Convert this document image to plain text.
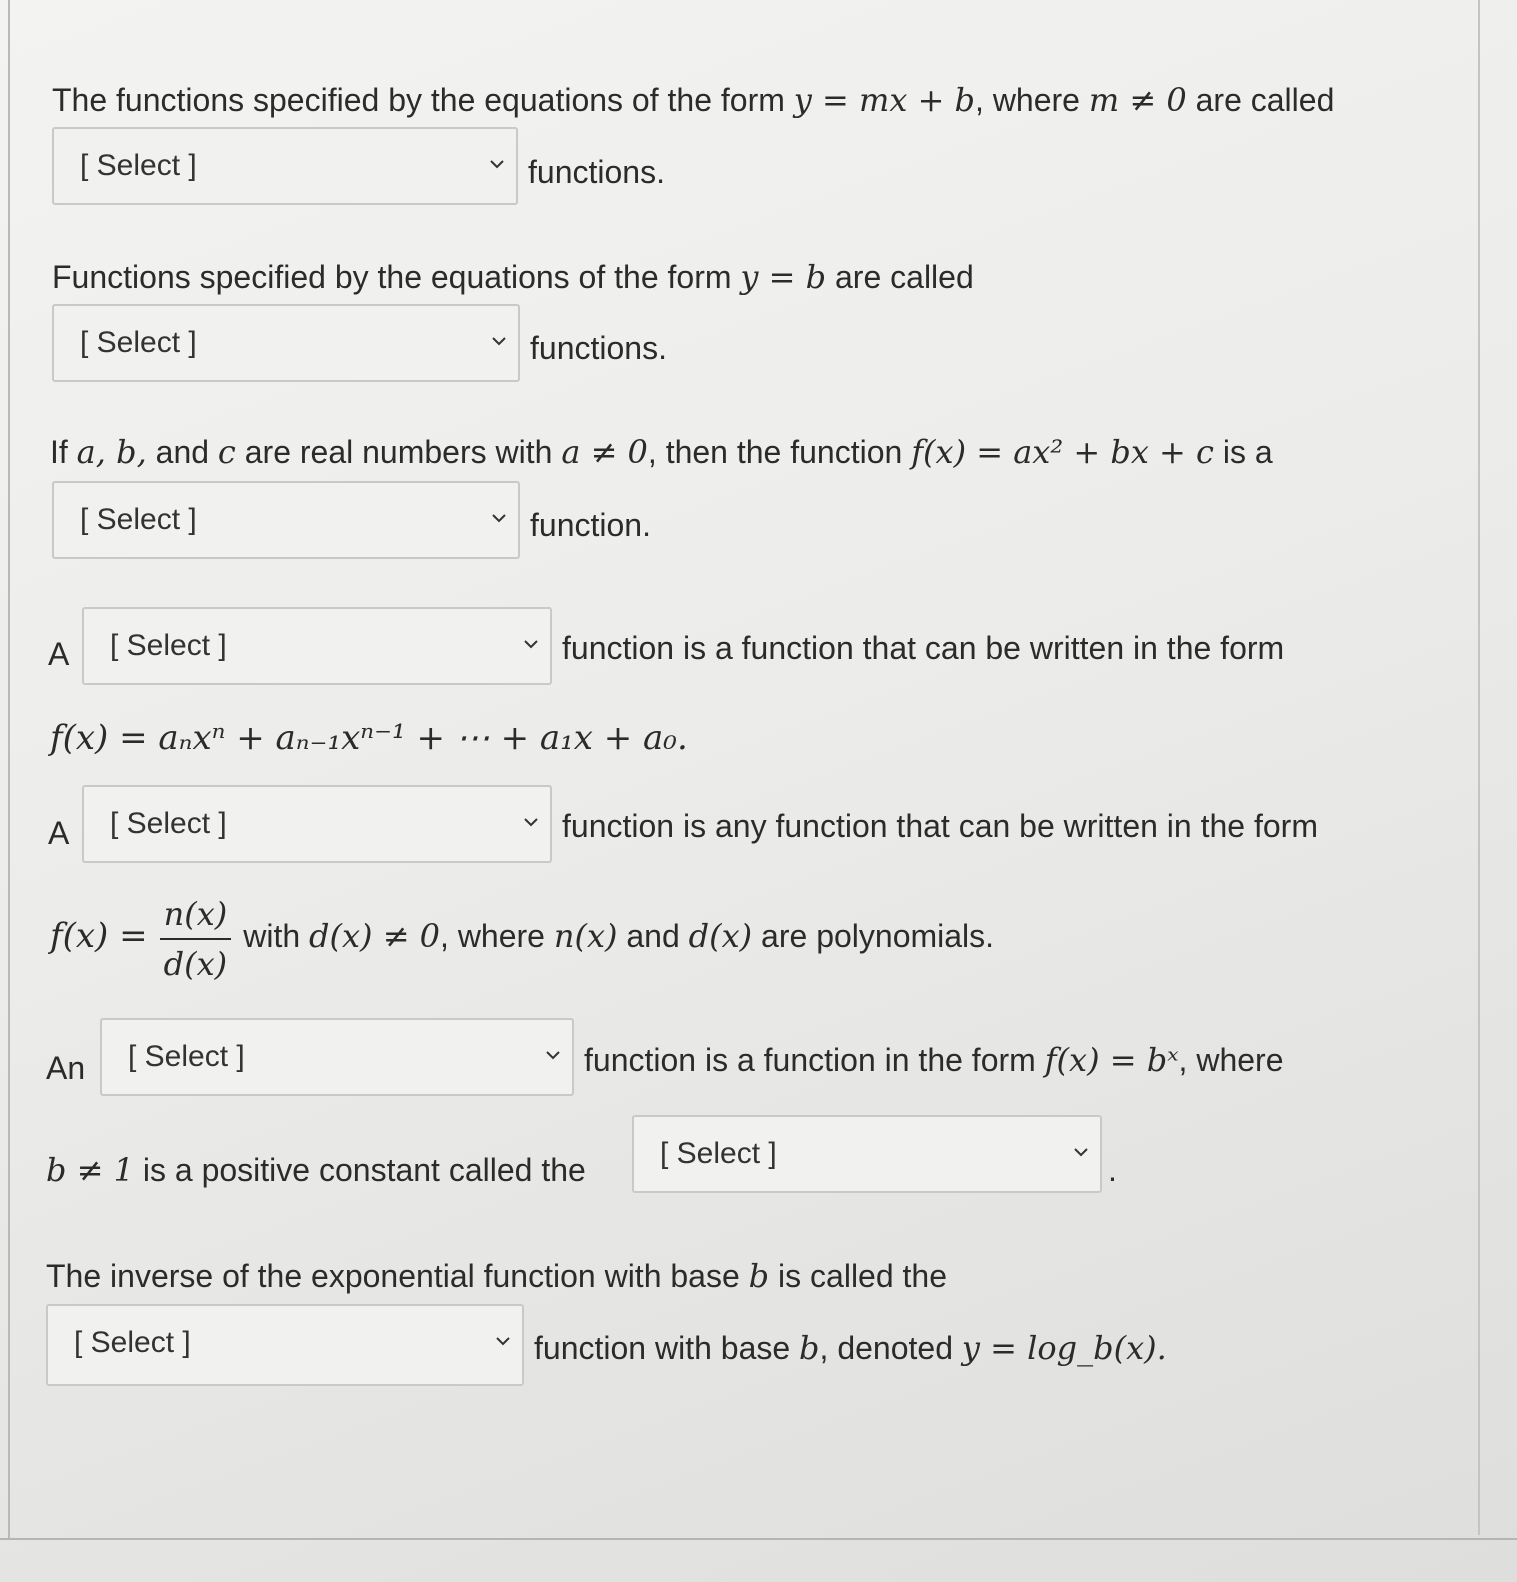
The functions specified by the equations of the form y = mx + b, where m ≠ 0 are called
[ Select ]	functions.
Functions specified by the equations of the form y = b are called
[ Select ]	functions.
If a, b, and c are real numbers with a ≠ 0, then the function f(x) = ax² + bx + c is a
[ Select ]	function.
A [ Select ]	function is a function that can be written in the form
f(x) = aₙxⁿ + aₙ₋₁xⁿ⁻¹ + ⋯ + a₁x + a₀.
A [ Select ]	function is any function that can be written in the form
$f(x) = \frac{n(x)}{d(x)}$ with d(x) ≠ 0, where n(x) and d(x) are polynomials.
An [ Select ]	function is a function in the form f(x) = bˣ, where
b ≠ 1 is a positive constant called the [ Select ]	.
The inverse of the exponential function with base b is called the
[ Select ]	function with base b, denoted y = log_b(x).
